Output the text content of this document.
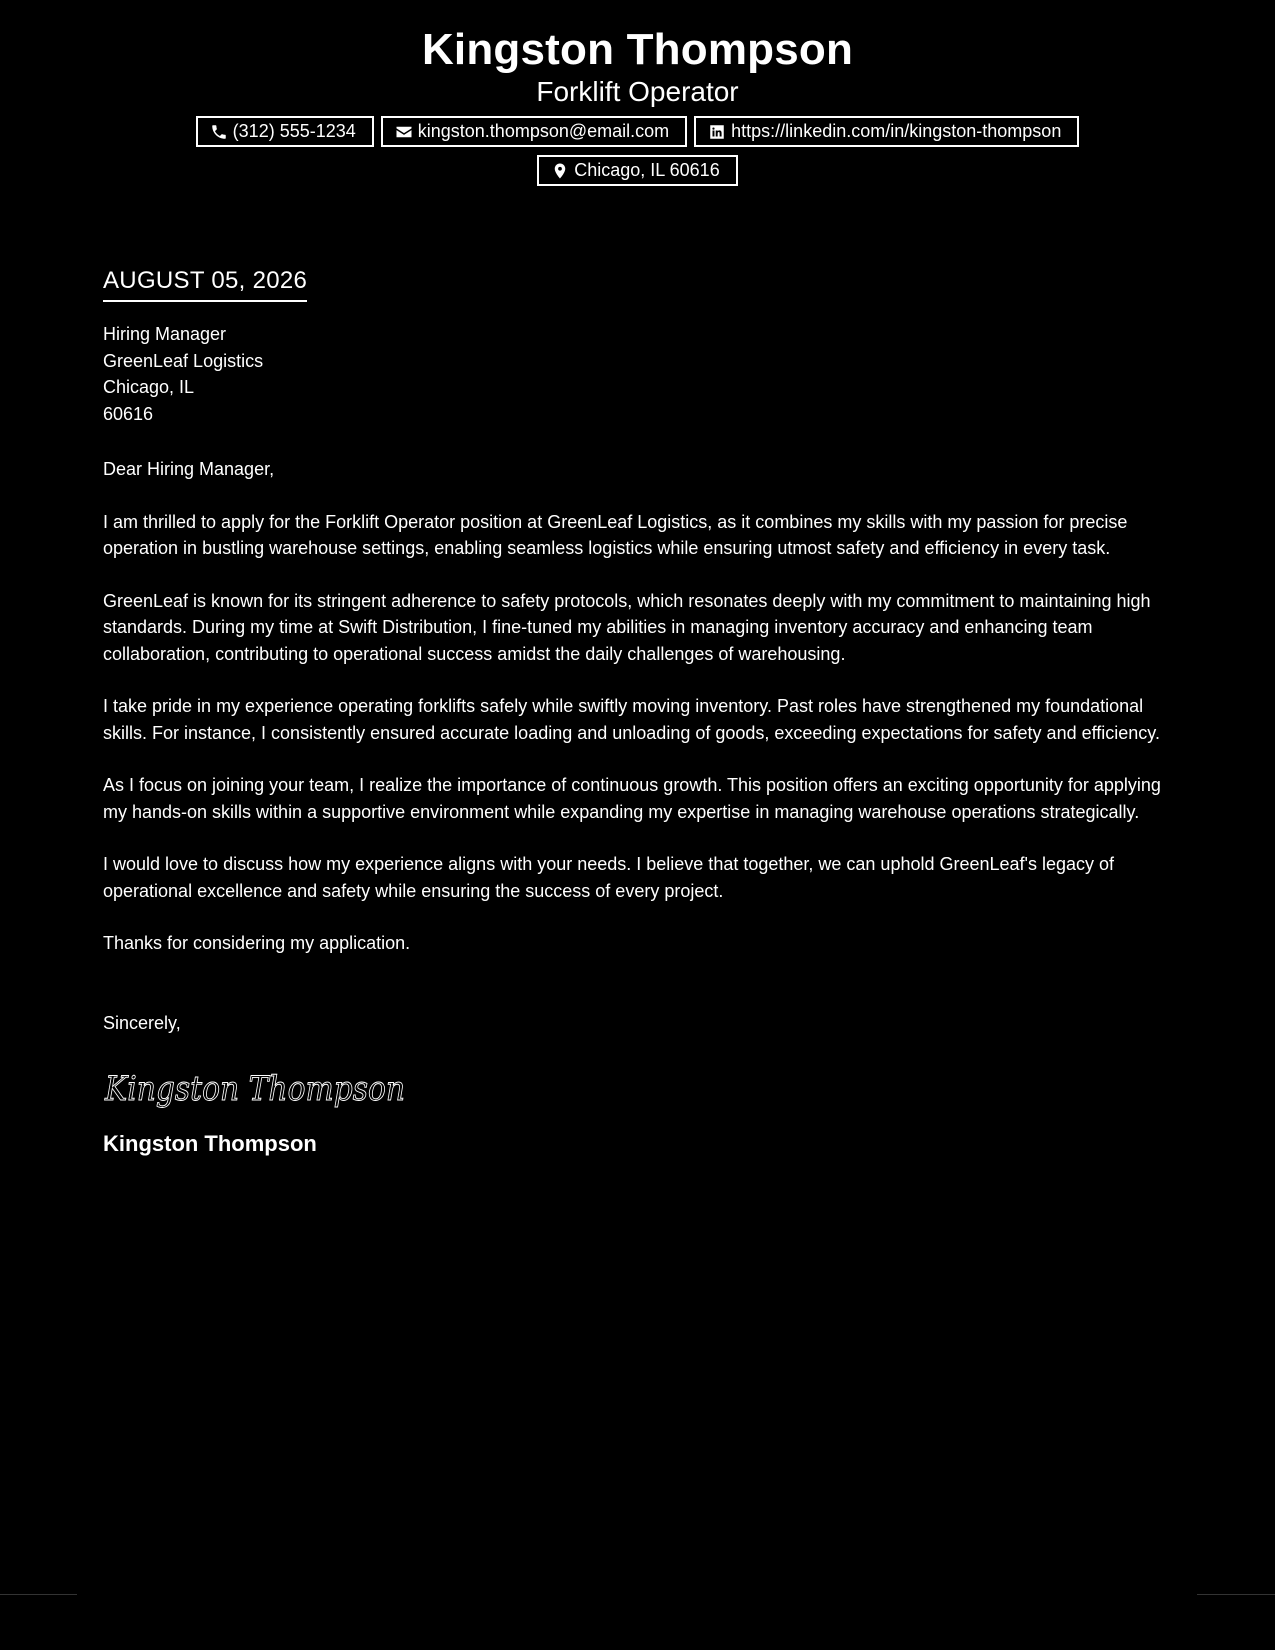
Kingston Thompson
Forklift Operator
(312) 555-1234	kingston.thompson@email.com	https://linkedin.com/in/kingston-thompson
Chicago, IL 60616
AUGUST 05, 2026
Hiring Manager
GreenLeaf Logistics
Chicago, IL
60616
Dear Hiring Manager,

I am thrilled to apply for the Forklift Operator position at GreenLeaf Logistics, as it combines my skills with my passion for precise operation in bustling warehouse settings, enabling seamless logistics while ensuring utmost safety and efficiency in every task.

GreenLeaf is known for its stringent adherence to safety protocols, which resonates deeply with my commitment to maintaining high standards. During my time at Swift Distribution, I fine-tuned my abilities in managing inventory accuracy and enhancing team collaboration, contributing to operational success amidst the daily challenges of warehousing.

I take pride in my experience operating forklifts safely while swiftly moving inventory. Past roles have strengthened my foundational skills. For instance, I consistently ensured accurate loading and unloading of goods, exceeding expectations for safety and efficiency.

As I focus on joining your team, I realize the importance of continuous growth. This position offers an exciting opportunity for applying my hands-on skills within a supportive environment while expanding my expertise in managing warehouse operations strategically.

I would love to discuss how my experience aligns with your needs. I believe that together, we can uphold GreenLeaf's legacy of operational excellence and safety while ensuring the success of every project.

Thanks for considering my application.

Sincerely,
Kingston Thompson
Kingston Thompson
